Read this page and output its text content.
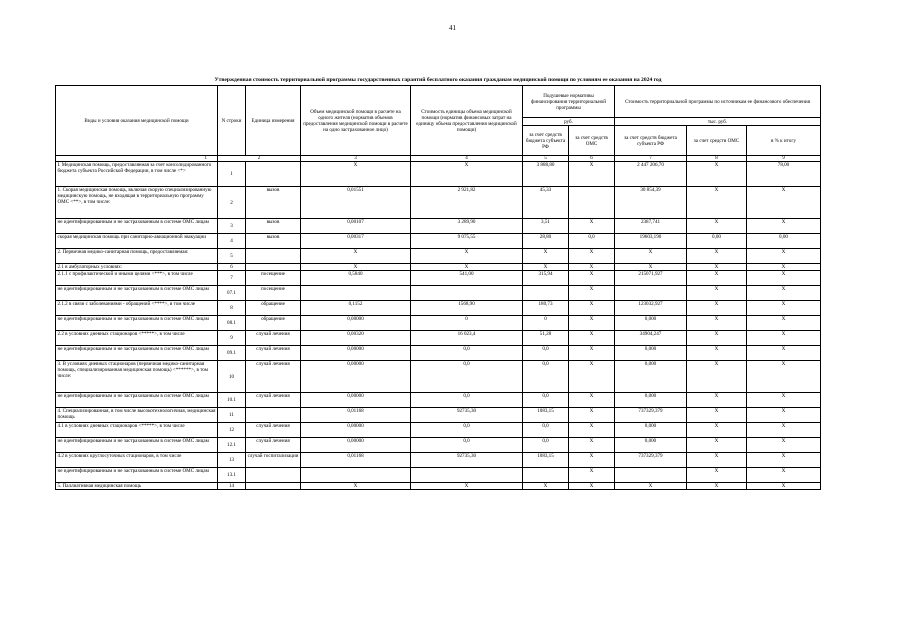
41
Утвержденная стоимость территориальной программы государственных гарантий бесплатного оказания гражданам медицинской помощи по условиям ее оказания на 2024 год
Виды и условия оказания медицинской помощи	N строки	Единица измерения	Объем медицинской помощи в расчете на одного жителя (норматив объемов предоставления медицинской помощи в расчете на одно застрахованное лицо)	Стоимость единицы объема медицинской помощи (норматив финансовых затрат на единицу объема предоставления медицинской помощи)	Подушевые нормативы финансирования территориальной программы		Стоимость территориальной программы по источникам ее финансового обеспечения		
					руб.		тыс. руб.		
					за счет средств бюджета субъекта РФ	за счет средств ОМС	за счет средств бюджета субъекта РФ	за счет средств ОМС	в % к итогу
1	2		3	4	5	6	7	8	9
I. Медицинская помощь, предоставляемая за счет консолидированного бюджета субъекта Российской Федерации, в том числе <*>	1		X	X	3 888,80	X	2 447 206,70	X	78,00
1. Скорая медицинская помощь, включая скорую специализированную медицинскую помощь, не входящая в территориальную программу ОМС <**>, в том числе:	2	вызов	0,01551	2 921,82	45,33		30 854,39	X	X
не идентифицированным и не застрахованным в системе ОМС лицам	3	вызов	0,00107	3 289,90	3,51	X	2387,741	X	X
скорая медицинская помощь при санитарно-авиационной эвакуации	4	вызов	0,00317	9 075,55	28,80	0,0	19603,190	0,00	0,00
2. Первичная медико-санитарная помощь, предоставляемая:	5		X	X	X	X	X	X	X
2.1 в амбулаторных условиях:	6		X	X	X	X	X	X	X
2.1.1 с профилактической и иными целями <***>, в том числе	7	посещение	0,5840	541,00	315,94	X	215071,927	X	X
не идентифицированным и не застрахованным в системе ОМС лицам	07.1	посещение				X		X	X
2.1.2 в связи с заболеваниями - обращений <****>, в том числе	8	обращение	0,1152	1568,90	180,73	X	123032,927	X	X
не идентифицированным и не застрахованным в системе ОМС лицам	08.1	обращение	0,00000	0	0	X	0,000	X	X
2.2 в условиях дневных стационаров <*****>, в том числе	9	случай лечения	0,00320	16 023,4	51,28	X	34904,247	X	X
не идентифицированным и не застрахованным в системе ОМС лицам	09.1	случай лечения	0,00000	0,0	0,0	X	0,000	X	X
3. В условиях дневных стационаров (первичная медико-санитарная помощь, специализированная медицинская помощь) <******>, в том числе:	10	случай лечения	0,00000	0,0	0,0	X	0,000	X	X
не идентифицированным и не застрахованным в системе ОМС лицам	10.1	случай лечения	0,00000	0,0	0,0	X	0,000	X	X
4. Специализированная, в том числе высокотехнологичная, медицинская помощь	11		0,01168	92735,30	1083,15	X	737329,379	X	X
4.1 в условиях дневных стационаров <*****>, в том числе	12	случай лечения	0,00000	0,0	0,0	X	0,000	X	X
не идентифицированным и не застрахованным в системе ОМС лицам	12.1	случай лечения	0,00000	0,0	0,0	X	0,000	X	X
4.2 в условиях круглосуточных стационаров, в том числе	13	случай госпитализации	0,01168	92735,30	1083,15	X	737329,379	X	X
не идентифицированным и не застрахованным в системе ОМС лицам	13.1					X		X	X
5. Паллиативная медицинская помощь	14		X	X	X	X	X	X	X
